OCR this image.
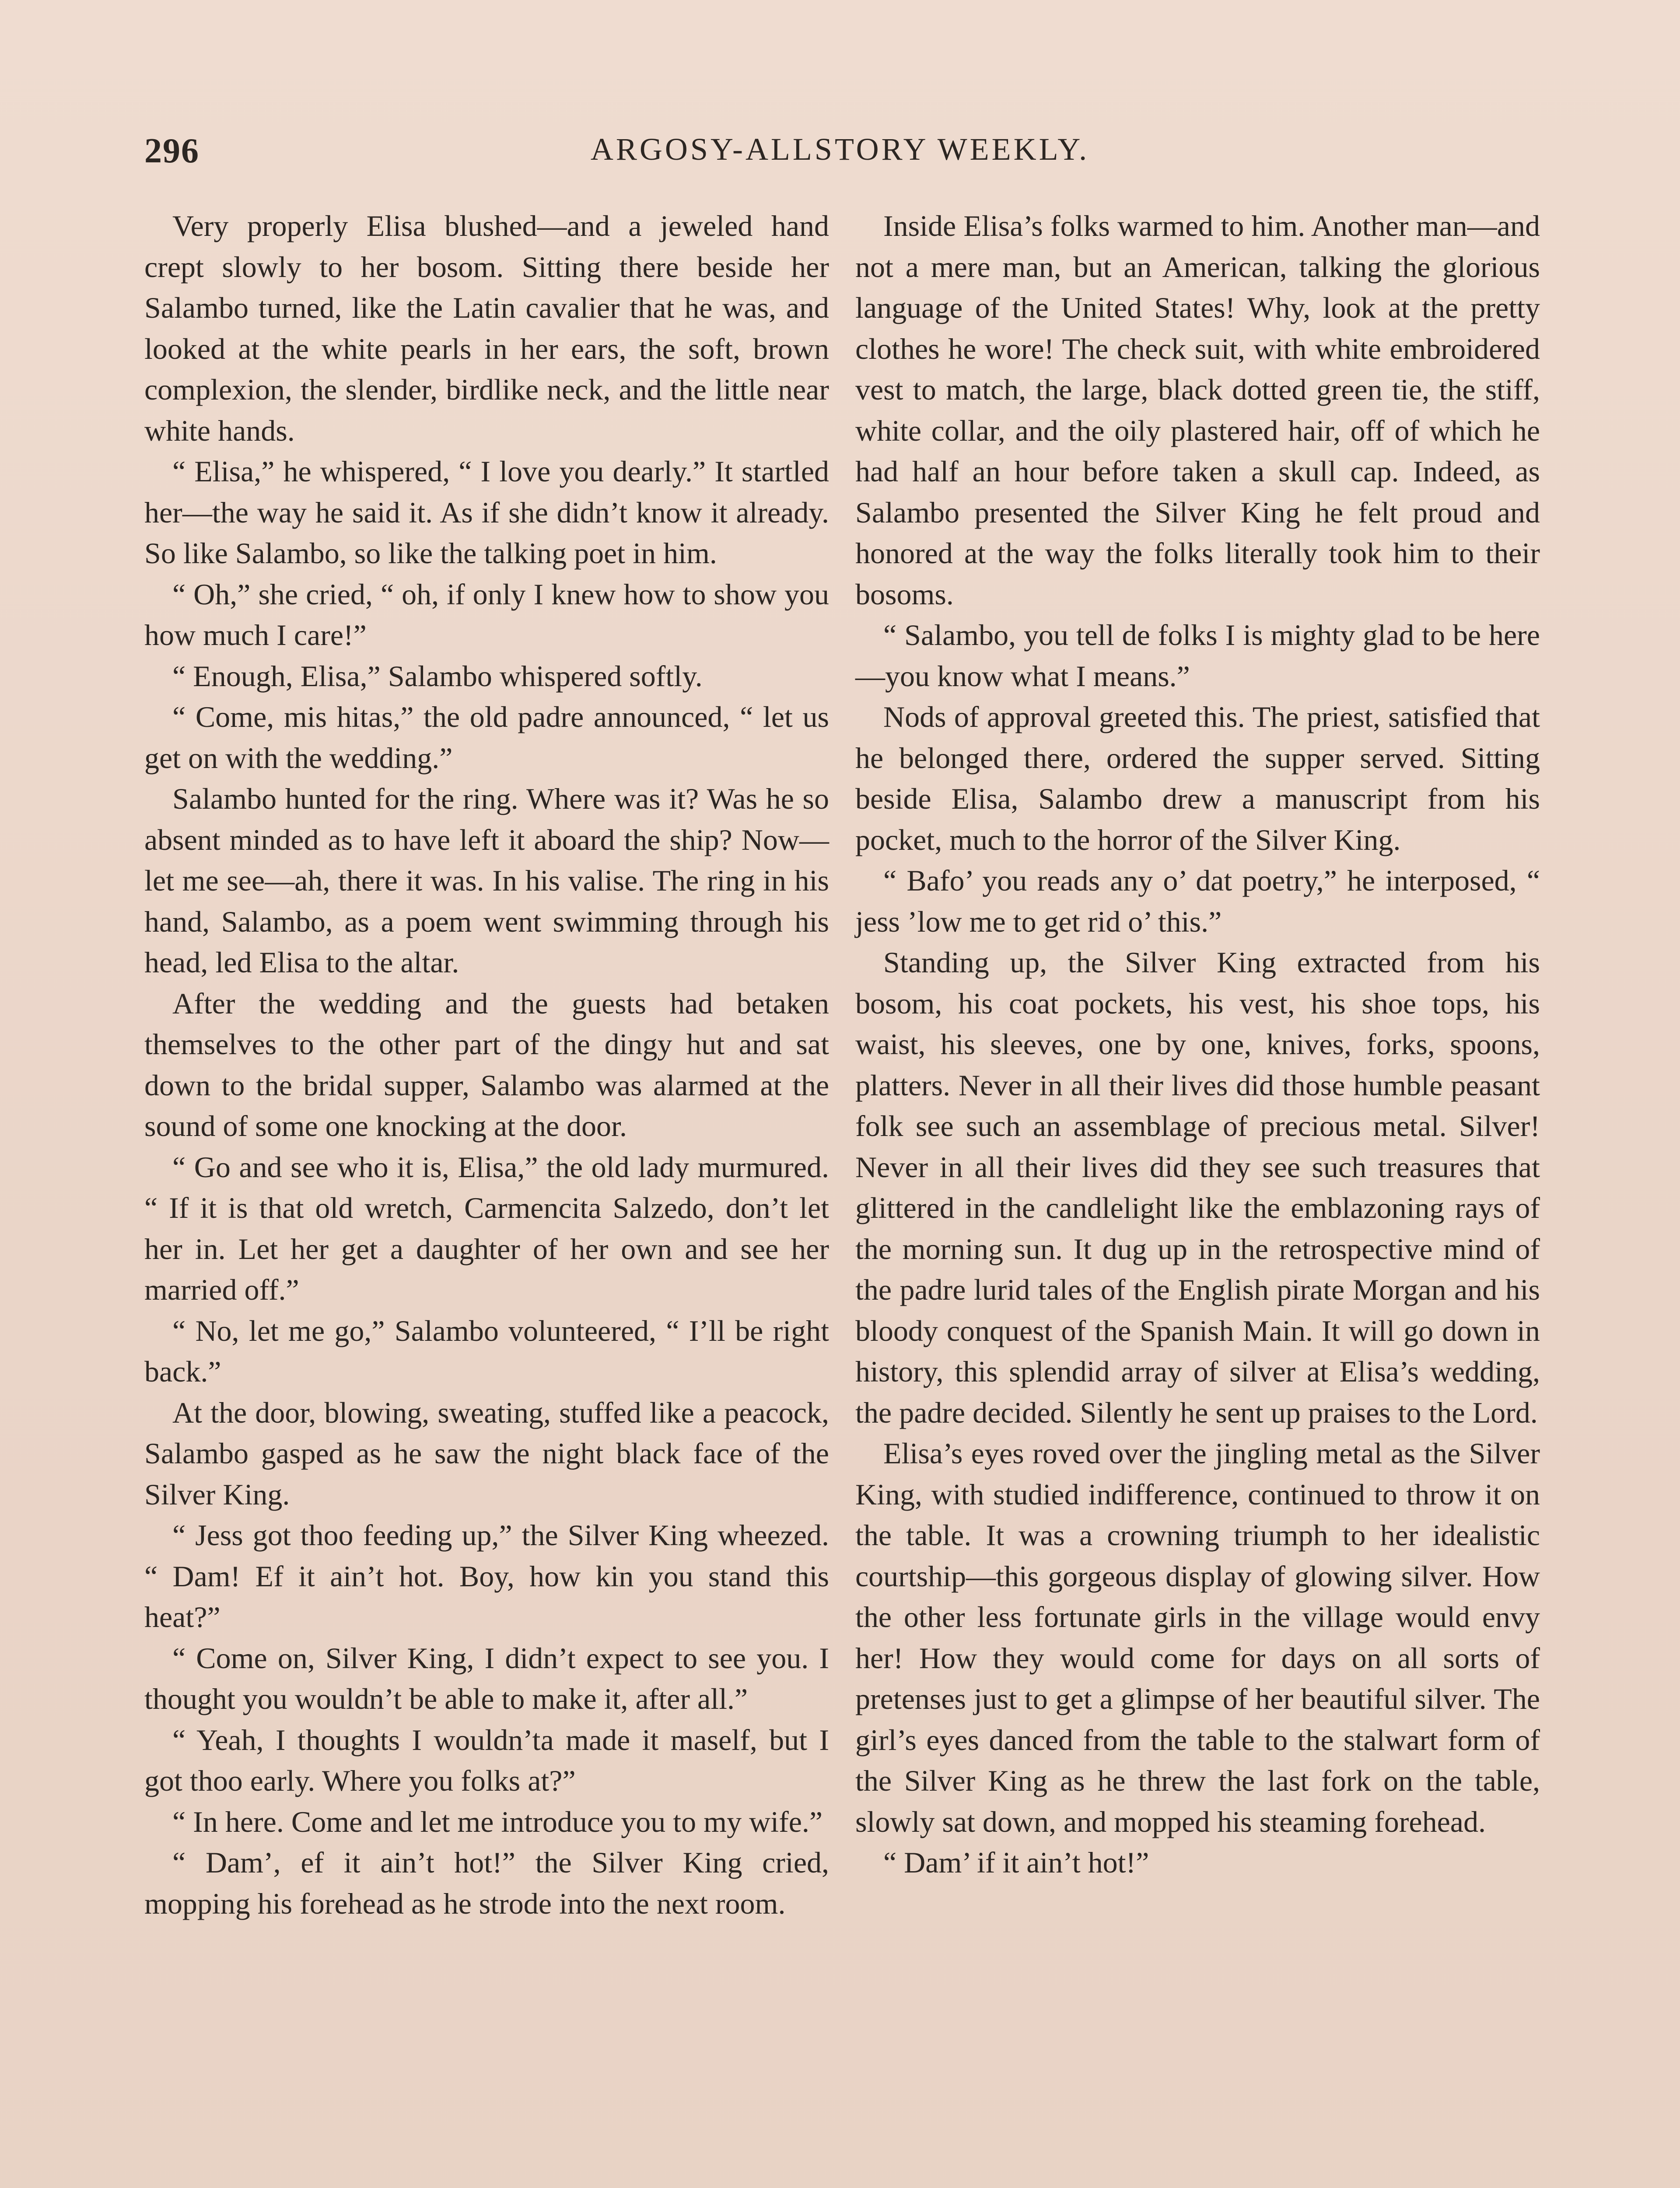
296	ARGOSY-ALLSTORY WEEKLY.

Very properly Elisa blushed—and a jeweled hand crept slowly to her bosom. Sitting there beside her Salambo turned, like the Latin cavalier that he was, and looked at the white pearls in her ears, the soft, brown complexion, the slender, birdlike neck, and the little near white hands.

“ Elisa,” he whispered, “ I love you dearly.” It startled her—the way he said it. As if she didn’t know it already. So like Salambo, so like the talking poet in him.

“ Oh,” she cried, “ oh, if only I knew how to show you how much I care!”

“ Enough, Elisa,” Salambo whispered softly.

“ Come, mis hitas,” the old padre announced, “ let us get on with the wedding.”

Salambo hunted for the ring. Where was it? Was he so absent minded as to have left it aboard the ship? Now—let me see—ah, there it was. In his valise. The ring in his hand, Salambo, as a poem went swimming through his head, led Elisa to the altar.

After the wedding and the guests had betaken themselves to the other part of the dingy hut and sat down to the bridal supper, Salambo was alarmed at the sound of some one knocking at the door.

“ Go and see who it is, Elisa,” the old lady murmured. “ If it is that old wretch, Carmencita Salzedo, don’t let her in. Let her get a daughter of her own and see her married off.”

“ No, let me go,” Salambo volunteered, “ I’ll be right back.”

At the door, blowing, sweating, stuffed like a peacock, Salambo gasped as he saw the night black face of the Silver King.

“ Jess got thoo feeding up,” the Silver King wheezed. “ Dam! Ef it ain’t hot. Boy, how kin you stand this heat?”

“ Come on, Silver King, I didn’t expect to see you. I thought you wouldn’t be able to make it, after all.”

“ Yeah, I thoughts I wouldn’ta made it maself, but I got thoo early. Where you folks at?”

“ In here. Come and let me introduce you to my wife.”

“ Dam’, ef it ain’t hot!” the Silver King cried, mopping his forehead as he strode into the next room.

Inside Elisa’s folks warmed to him. Another man—and not a mere man, but an American, talking the glorious language of the United States! Why, look at the pretty clothes he wore! The check suit, with white embroidered vest to match, the large, black dotted green tie, the stiff, white collar, and the oily plastered hair, off of which he had half an hour before taken a skull cap. Indeed, as Salambo presented the Silver King he felt proud and honored at the way the folks literally took him to their bosoms.

“ Salambo, you tell de folks I is mighty glad to be here—you know what I means.”

Nods of approval greeted this. The priest, satisfied that he belonged there, ordered the supper served. Sitting beside Elisa, Salambo drew a manuscript from his pocket, much to the horror of the Silver King.

“ Bafo’ you reads any o’ dat poetry,” he interposed, “ jess ’low me to get rid o’ this.”

Standing up, the Silver King extracted from his bosom, his coat pockets, his vest, his shoe tops, his waist, his sleeves, one by one, knives, forks, spoons, platters. Never in all their lives did those humble peasant folk see such an assemblage of precious metal. Silver! Never in all their lives did they see such treasures that glittered in the candlelight like the emblazoning rays of the morning sun. It dug up in the retrospective mind of the padre lurid tales of the English pirate Morgan and his bloody conquest of the Spanish Main. It will go down in history, this splendid array of silver at Elisa’s wedding, the padre decided. Silently he sent up praises to the Lord.

Elisa’s eyes roved over the jingling metal as the Silver King, with studied indifference, continued to throw it on the table. It was a crowning triumph to her idealistic courtship—this gorgeous display of glowing silver. How the other less fortunate girls in the village would envy her! How they would come for days on all sorts of pretenses just to get a glimpse of her beautiful silver. The girl’s eyes danced from the table to the stalwart form of the Silver King as he threw the last fork on the table, slowly sat down, and mopped his steaming forehead.

“ Dam’ if it ain’t hot!”
